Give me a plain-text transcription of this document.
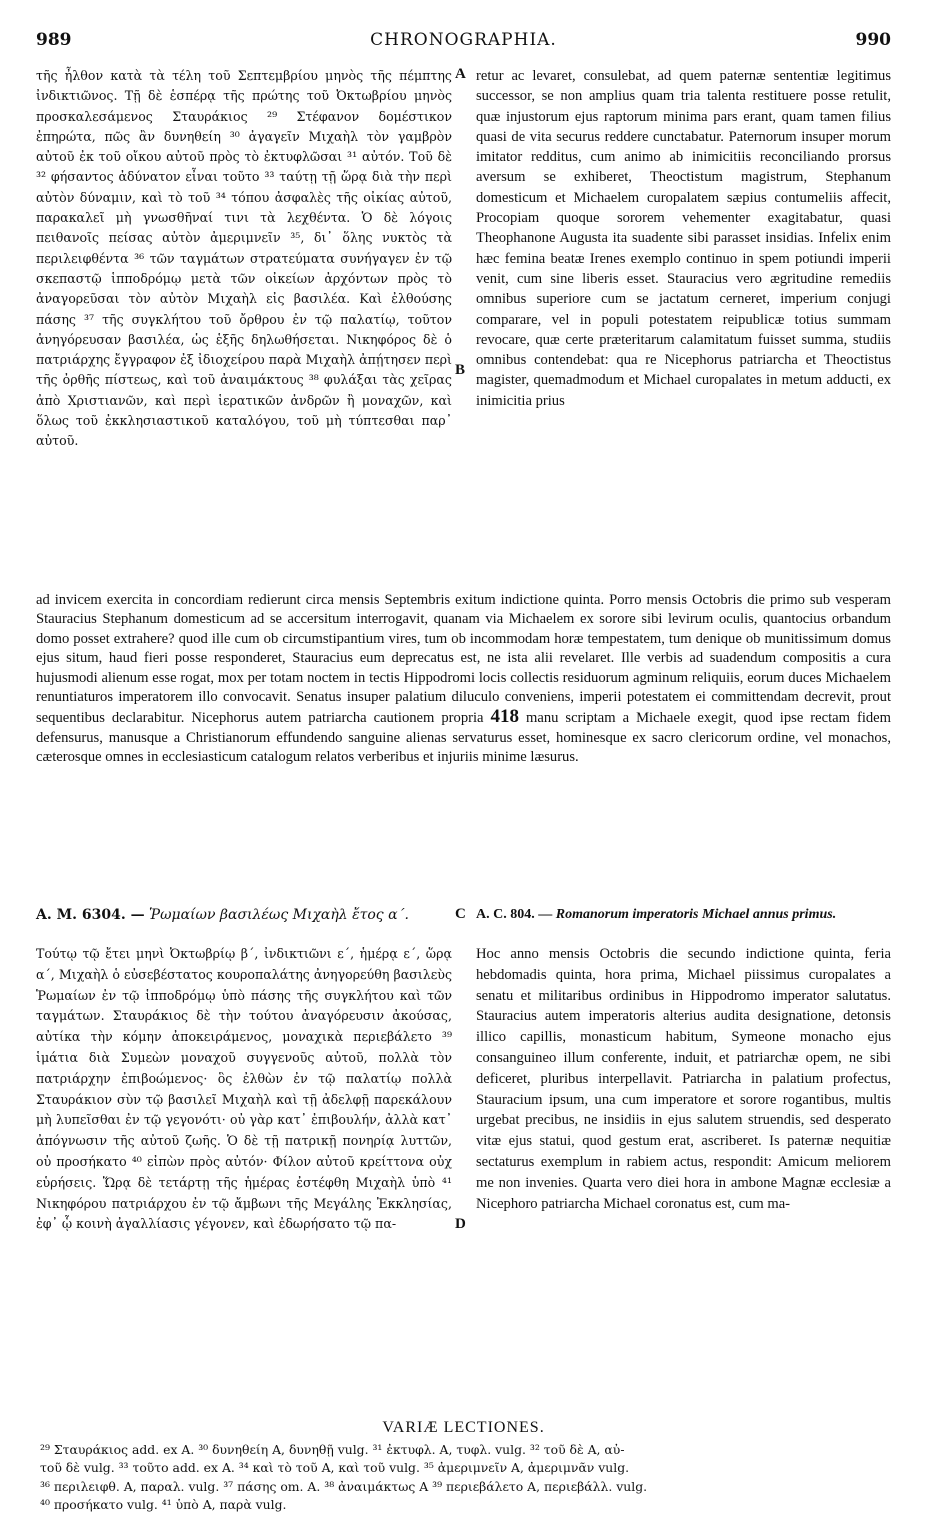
989	CHRONOGRAPHIA.	990

τῆς ἦλθον κατὰ τὰ τέλη τοῦ Σεπτεμβρίου μηνὸς τῆς πέμπτης ἰνδικτιῶνος. Τῇ δὲ ἑσπέρᾳ τῆς πρώτης τοῦ Ὀκτωβρίου μηνὸς προσκαλεσάμενος Σταυράκιος ²⁹ Στέφανον δομέστικον ἐπηρώτα, πῶς ἂν δυνηθείη ³⁰ ἀγαγεῖν Μιχαὴλ τὸν γαμβρὸν αὐτοῦ ἐκ τοῦ οἴκου αὐτοῦ πρὸς τὸ ἐκτυφλῶσαι ³¹ αὐτόν. Τοῦ δὲ ³² φήσαντος ἀδύνατον εἶναι τοῦτο ³³ ταύτῃ τῇ ὥρᾳ διὰ τὴν περὶ αὐτὸν δύναμιν, καὶ τὸ τοῦ ³⁴ τόπου ἀσφαλὲς τῆς οἰκίας αὐτοῦ, παρακαλεῖ μὴ γνωσθῆναί τινι τὰ λεχθέντα. Ὁ δὲ λόγοις πειθανοῖς πείσας αὐτὸν ἀμεριμνεῖν ³⁵, δι᾽ ὅλης νυκτὸς τὰ περιλειφθέντα ³⁶ τῶν ταγμάτων στρατεύματα συνήγαγεν ἐν τῷ σκεπαστῷ ἱπποδρόμῳ μετὰ τῶν οἰκείων ἀρχόντων πρὸς τὸ ἀναγορεῦσαι τὸν αὐτὸν Μιχαὴλ εἰς βασιλέα. Καὶ ἐλθούσης πάσης ³⁷ τῆς συγκλήτου τοῦ ὄρθρου ἐν τῷ παλατίῳ, τοῦτον ἀνηγόρευσαν βασιλέα, ὡς ἑξῆς δηλωθήσεται. Νικηφόρος δὲ ὁ πατριάρχης ἔγγραφον ἐξ ἰδιοχείρου παρὰ Μιχαὴλ ἀπῄτησεν περὶ τῆς ὀρθῆς πίστεως, καὶ τοῦ ἀναιμάκτους ³⁸ φυλάξαι τὰς χεῖρας ἀπὸ Χριστιανῶν, καὶ περὶ ἱερατικῶν ἀνδρῶν ἢ μοναχῶν, καὶ ὅλως τοῦ ἐκκλησιαστικοῦ καταλόγου, τοῦ μὴ τύπτεσθαι παρ᾽ αὐτοῦ.

A retur ac levaret, consulebat, ad quem paternæ sententiæ legitimus successor, se non amplius quam tria talenta restituere posse retulit, quæ injustorum ejus raptorum minima pars erant, quam tamen filius quasi de vita securus reddere cunctabatur. Paternorum insuper morum imitator redditus, cum animo ab inimicitiis reconciliando prorsus aversum se exhiberet, Theoctistum magistrum, Stephanum domesticum et Michaelem curopalatem sæpius contumeliis affecit, Procopiam quoque sororem vehementer exagitabatur, quasi Theophanone Augusta ita suadente sibi parasset insidias. Infelix enim hæc femina beatæ Irenes exemplo continuo in spem potiundi imperii venit, cum sine liberis esset. Stauracius vero ægritudine remediis omnibus superiore cum se jactatum cerneret, imperium conjugi comparare, vel in populi potestatem reipublicæ totius summam revocare, quæ certe præteritarum calamitatum fuisset summa, studiis omnibus contendebat: qua re Nicephorus patriarcha et Theoctistus magister, quemadmodum et Michael curopalates in metum adducti, ex inimicitia prius

B

ad invicem exercita in concordiam redierunt circa mensis Septembris exitum indictione quinta. Porro mensis Octobris die primo sub vesperam Stauracius Stephanum domesticum ad se accersitum interrogavit, quanam via Michaelem ex sorore sibi levirum oculis, quantocius orbandum domo posset extrahere? quod ille cum ob circumstipantium vires, tum ob incommodam horæ tempestatem, tum denique ob munitissimum domus ejus situm, haud fieri posse responderet, Stauracius eum deprecatus est, ne ista alii revelaret. Ille verbis ad suadendum compositis a cura hujusmodi alienum esse rogat, mox per totam noctem in tectis Hippodromi locis collectis residuorum agminum reliquiis, eorum duces Michaelem renuntiaturos imperatorem illo convocavit. Senatus insuper palatium diluculo conveniens, imperii potestatem ei committendam decrevit, prout sequentibus declarabitur. Nicephorus autem patriarcha cautionem propria 418 manu scriptam a Michaele exegit, quod ipse rectam fidem defensurus, manusque a Christianorum effundendo sanguine alienas servaturus esset, hominesque ex sacro clericorum ordine, vel monachos, cæterosque omnes in ecclesiasticum catalogum relatos verberibus et injuriis minime læsurus.

A. M. 6304. — Ῥωμαίων βασιλέως Μιχαὴλ ἔτος α΄.	C A. C. 804. — Romanorum imperatoris Michael annus primus.

Τούτῳ τῷ ἔτει μηνὶ Ὀκτωβρίῳ β΄, ἰνδικτιῶνι ε΄, ἡμέρᾳ ε΄, ὥρᾳ α΄, Μιχαὴλ ὁ εὐσεβέστατος κουροπαλάτης ἀνηγορεύθη βασιλεὺς Ῥωμαίων ἐν τῷ ἱπποδρόμῳ ὑπὸ πάσης τῆς συγκλήτου καὶ τῶν ταγμάτων. Σταυράκιος δὲ τὴν τούτου ἀναγόρευσιν ἀκούσας, αὐτίκα τὴν κόμην ἀποκειράμενος, μοναχικὰ περιεβάλετο ³⁹ ἱμάτια διὰ Συμεὼν μοναχοῦ συγγενοῦς αὐτοῦ, πολλὰ τὸν πατριάρχην ἐπιβοώμενος· ὃς ἐλθὼν ἐν τῷ παλατίῳ πολλὰ Σταυράκιον σὺν τῷ βασιλεῖ Μιχαὴλ καὶ τῇ ἀδελφῇ παρεκάλουν μὴ λυπεῖσθαι ἐν τῷ γεγονότι· οὐ γὰρ κατ᾽ ἐπιβουλήν, ἀλλὰ κατ᾽ ἀπόγνωσιν τῆς αὐτοῦ ζωῆς. Ὁ δὲ τῇ πατρικῇ πονηρίᾳ λυττῶν, οὐ προσήκατο ⁴⁰ εἰπὼν πρὸς αὐτόν· Φίλον αὐτοῦ κρείττονα οὐχ εὑρήσεις. Ὥρᾳ δὲ τετάρτῃ τῆς ἡμέρας ἐστέφθη Μιχαὴλ ὑπὸ ⁴¹ Νικηφόρου πατριάρχου ἐν τῷ ἄμβωνι τῆς Μεγάλης Ἐκκλησίας, ἐφ᾽ ᾧ κοινὴ ἀγαλλίασις γέγονεν, καὶ ἐδωρήσατο τῷ πα-	D

Hoc anno mensis Octobris die secundo indictione quinta, feria hebdomadis quinta, hora prima, Michael piissimus curopalates a senatu et militaribus ordinibus in Hippodromo imperator salutatus. Stauracius autem imperatoris alterius audita designatione, detonsis illico capillis, monasticum habitum, Symeone monacho ejus consanguineo illum conferente, induit, et patriarchæ opem, ne sibi deficeret, pluribus interpellavit. Patriarcha in palatium profectus, Stauracium ipsum, una cum imperatore et sorore rogantibus, multis urgebat precibus, ne insidiis in ejus salutem struendis, sed desperato vitæ ejus statui, quod gestum erat, ascriberet. Is paternæ nequitiæ sectaturus exemplum in rabiem actus, respondit: Amicum meliorem me non invenies. Quarta vero diei hora in ambone Magnæ ecclesiæ a Nicephoro patriarcha Michael coronatus est, cum ma-

VARIÆ LECTIONES.
²⁹ Σταυράκιος add. ex A. ³⁰ δυνηθείη A, δυνηθῇ vulg. ³¹ ἐκτυφλ. A, τυφλ. vulg. ³² τοῦ δὲ A, αὐ-
τοῦ δὲ vulg. ³³ τοῦτο add. ex A. ³⁴ καὶ τὸ τοῦ A, καὶ τοῦ vulg. ³⁵ ἀμεριμνεῖν A, ἀμεριμνᾶν vulg.
³⁶ περιλειφθ. A, παραλ. vulg. ³⁷ πάσης om. A. ³⁸ ἀναιμάκτως A ³⁹ περιεβάλετο A, περιεβάλλ. vulg.
⁴⁰ προσήκατο vulg. ⁴¹ ὑπὸ A, παρὰ vulg.
